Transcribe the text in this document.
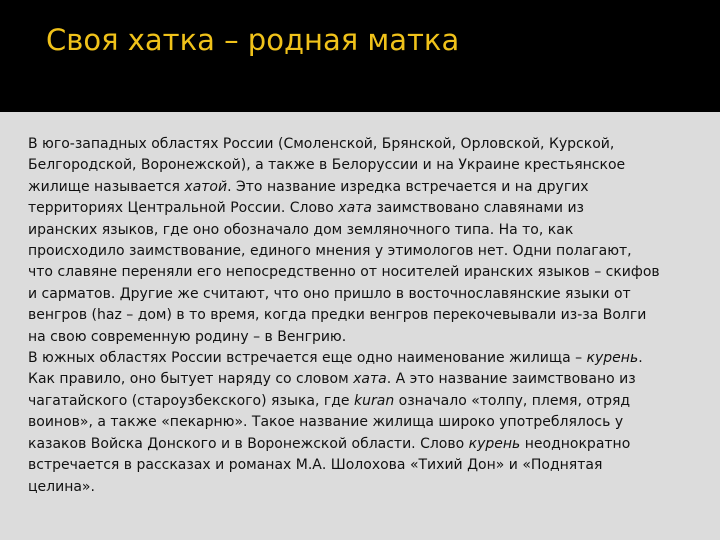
Своя хатка – родная матка

В юго-западных областях России (Смоленской, Брянской, Орловской, Курской,
Белгородской, Воронежской), а также в Белоруссии и на Украине крестьянское
жилище называется хатой. Это название изредка встречается и на других
территориях Центральной России. Слово хата заимствовано славянами из
иранских языков, где оно обозначало дом земляночного типа. На то, как
происходило заимствование, единого мнения у этимологов нет. Одни полагают,
что славяне переняли его непосредственно от носителей иранских языков – скифов
и сарматов. Другие же считают, что оно пришло в восточнославянские языки от
венгров (haz – дом) в то время, когда предки венгров перекочевывали из-за Волги
на свою современную родину – в Венгрию.

В южных областях России встречается еще одно наименование жилища – курень.
Как правило, оно бытует наряду со словом хата. А это название заимствовано из
чагатайского (староузбекского) языка, где kuran означало «толпу, племя, отряд
воинов», а также «пекарню». Такое название жилища широко употреблялось у
казаков Войска Донского и в Воронежской области. Слово курень неоднократно
встречается в рассказах и романах М.А. Шолохова «Тихий Дон» и «Поднятая
целина».
